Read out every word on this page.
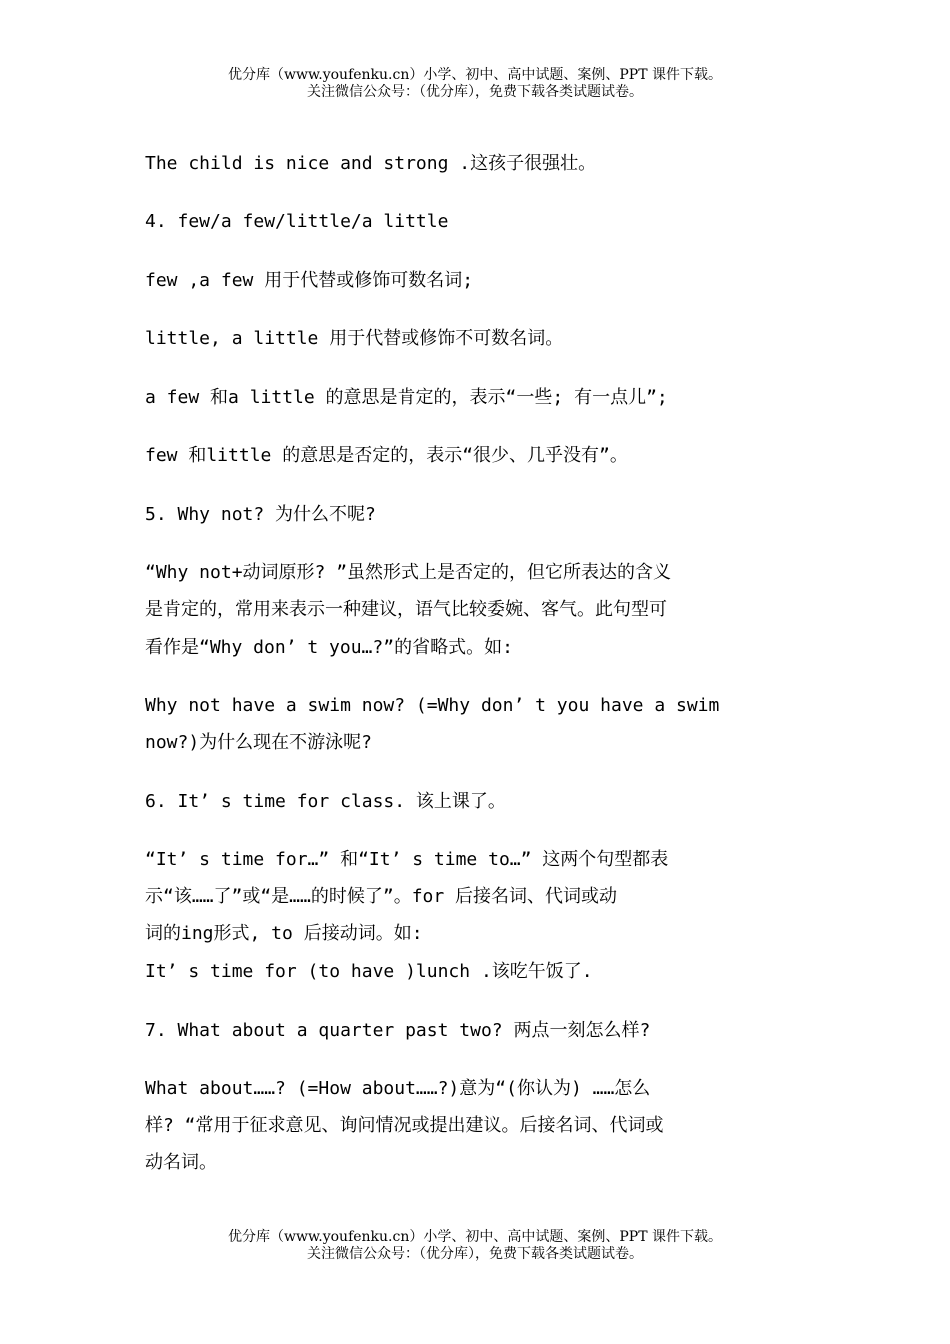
优分库（www.youfenku.cn）小学、初中、高中试题、案例、PPT 课件下载。
关注微信公众号：（优分库），免费下载各类试题试卷。
The child is nice and strong .这孩子很强壮。
4. few/a few/little/a little
few ,a few 用于代替或修饰可数名词;
little, a little 用于代替或修饰不可数名词。
a few 和a little 的意思是肯定的，表示“一些; 有一点儿”;
few 和little 的意思是否定的，表示“很少、几乎没有”。
5. Why not? 为什么不呢?
“Why not+动词原形? ”虽然形式上是否定的，但它所表达的含义
是肯定的，常用来表示一种建议，语气比较委婉、客气。此句型可
看作是“Why don’ t you…?”的省略式。如:
Why not have a swim now? (=Why don’ t you have a swim
now?)为什么现在不游泳呢?
6. It’ s time for class. 该上课了。
“It’ s time for…” 和“It’ s time to…” 这两个句型都表
示“该……了”或“是……的时候了”。for 后接名词、代词或动
词的ing形式, to 后接动词。如:
It’ s time for (to have )lunch .该吃午饭了.
7. What about a quarter past two? 两点一刻怎么样?
What about……? (=How about……?)意为“(你认为) ……怎么
样? “常用于征求意见、询问情况或提出建议。后接名词、代词或
动名词。
优分库（www.youfenku.cn）小学、初中、高中试题、案例、PPT 课件下载。
关注微信公众号：（优分库），免费下载各类试题试卷。
